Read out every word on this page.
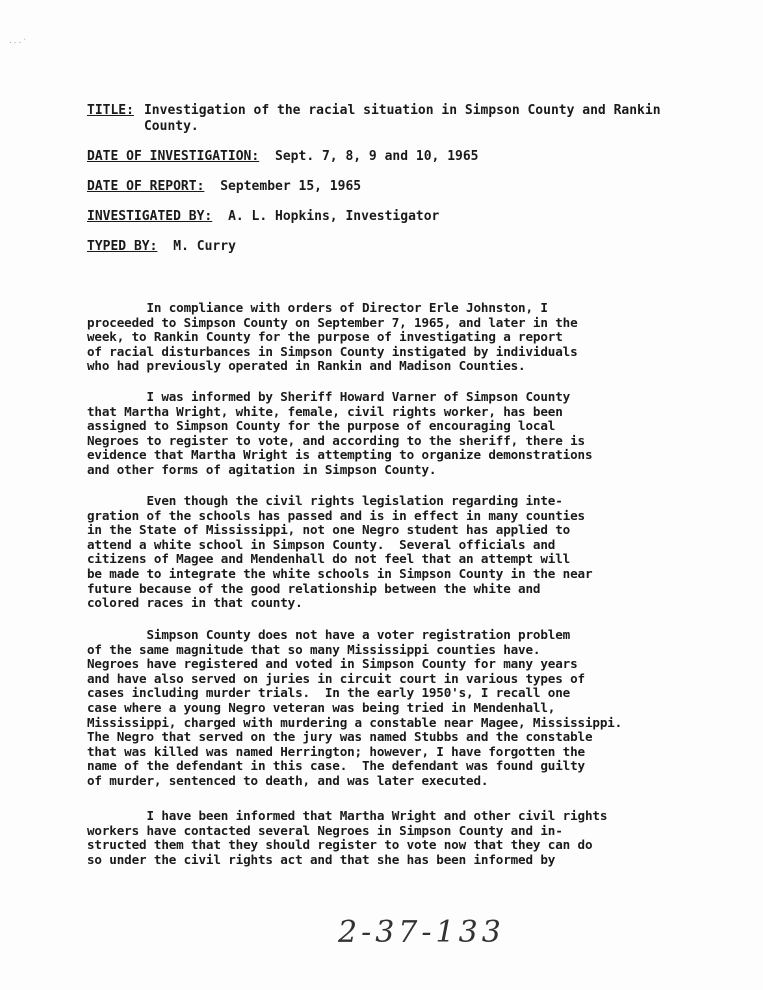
·-·`
TITLE: Investigation of the racial situation in Simpson County and Rankin County.
DATE OF INVESTIGATION: Sept. 7, 8, 9 and 10, 1965
DATE OF REPORT: September 15, 1965
INVESTIGATED BY: A. L. Hopkins, Investigator
TYPED BY: M. Curry
In compliance with orders of Director Erle Johnston, I
proceeded to Simpson County on September 7, 1965, and later in the
week, to Rankin County for the purpose of investigating a report
of racial disturbances in Simpson County instigated by individuals
who had previously operated in Rankin and Madison Counties.
I was informed by Sheriff Howard Varner of Simpson County
that Martha Wright, white, female, civil rights worker, has been
assigned to Simpson County for the purpose of encouraging local
Negroes to register to vote, and according to the sheriff, there is
evidence that Martha Wright is attempting to organize demonstrations
and other forms of agitation in Simpson County.
Even though the civil rights legislation regarding inte-
gration of the schools has passed and is in effect in many counties
in the State of Mississippi, not one Negro student has applied to
attend a white school in Simpson County.  Several officials and
citizens of Magee and Mendenhall do not feel that an attempt will
be made to integrate the white schools in Simpson County in the near
future because of the good relationship between the white and
colored races in that county.
Simpson County does not have a voter registration problem
of the same magnitude that so many Mississippi counties have.
Negroes have registered and voted in Simpson County for many years
and have also served on juries in circuit court in various types of
cases including murder trials.  In the early 1950's, I recall one
case where a young Negro veteran was being tried in Mendenhall,
Mississippi, charged with murdering a constable near Magee, Mississippi.
The Negro that served on the jury was named Stubbs and the constable
that was killed was named Herrington; however, I have forgotten the
name of the defendant in this case.  The defendant was found guilty
of murder, sentenced to death, and was later executed.
I have been informed that Martha Wright and other civil rights
workers have contacted several Negroes in Simpson County and in-
structed them that they should register to vote now that they can do
so under the civil rights act and that she has been informed by
2-37-133
